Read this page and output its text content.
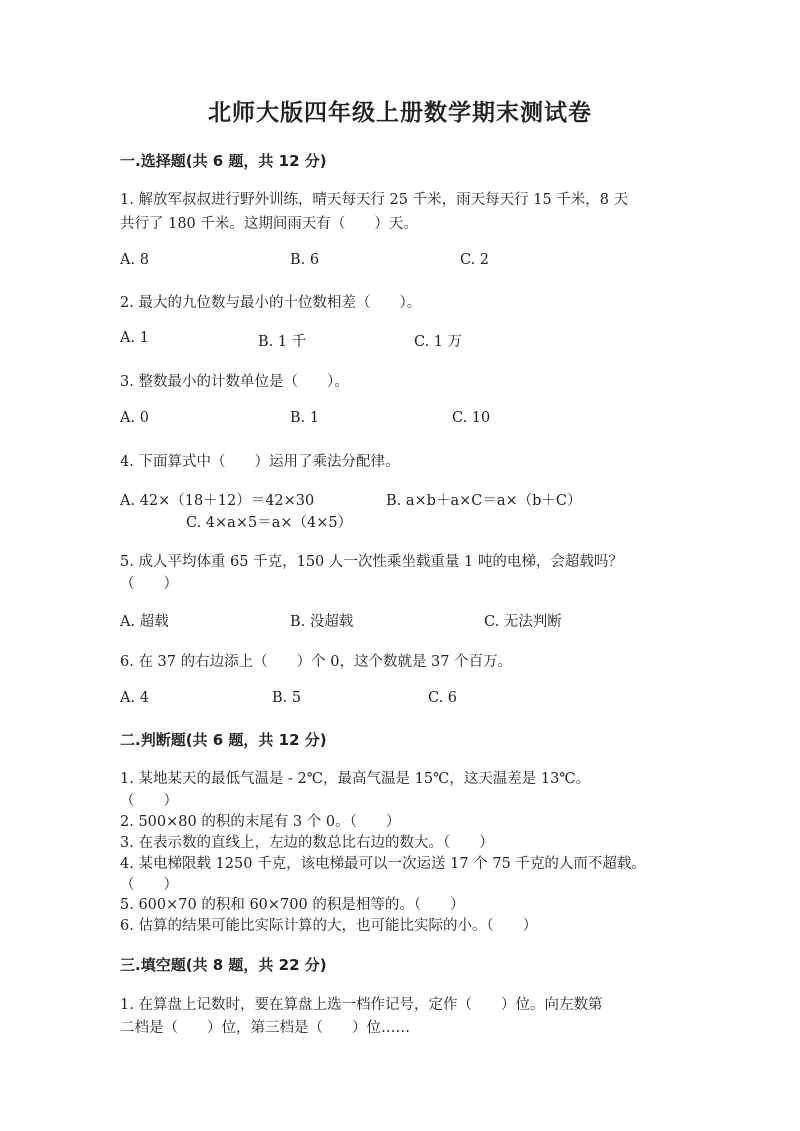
北师大版四年级上册数学期末测试卷
一.选择题(共 6 题，共 12 分)
1. 解放军叔叔进行野外训练，晴天每天行 25 千米，雨天每天行 15 千米，8 天
共行了 180 千米。这期间雨天有（　　）天。
A. 8	B. 6	C. 2
2. 最大的九位数与最小的十位数相差（　　）。
A. 1	B. 1 千	C. 1 万
3. 整数最小的计数单位是（　　）。
A. 0	B. 1	C. 10
4. 下面算式中（　　）运用了乘法分配律。
A. 42×（18＋12）＝42×30	B. a×b＋a×C＝a×（b＋C）
C. 4×a×5＝a×（4×5）
5. 成人平均体重 65 千克，150 人一次性乘坐载重量 1 吨的电梯，会超载吗？
（　　）
A. 超载	B. 没超载	C. 无法判断
6. 在 37 的右边添上（　　）个 0，这个数就是 37 个百万。
A. 4	B. 5	C. 6
二.判断题(共 6 题，共 12 分)
1. 某地某天的最低气温是 - 2℃，最高气温是 15℃，这天温差是 13℃。
（　　）
2. 500×80 的积的末尾有 3 个 0。（　　）
3. 在表示数的直线上，左边的数总比右边的数大。（　　）
4. 某电梯限载 1250 千克，该电梯最可以一次运送 17 个 75 千克的人而不超载。
（　　）
5. 600×70 的积和 60×700 的积是相等的。（　　）
6. 估算的结果可能比实际计算的大，也可能比实际的小。（　　）
三.填空题(共 8 题，共 22 分)
1. 在算盘上记数时，要在算盘上选一档作记号，定作（　　）位。向左数第
二档是（　　）位，第三档是（　　）位……
